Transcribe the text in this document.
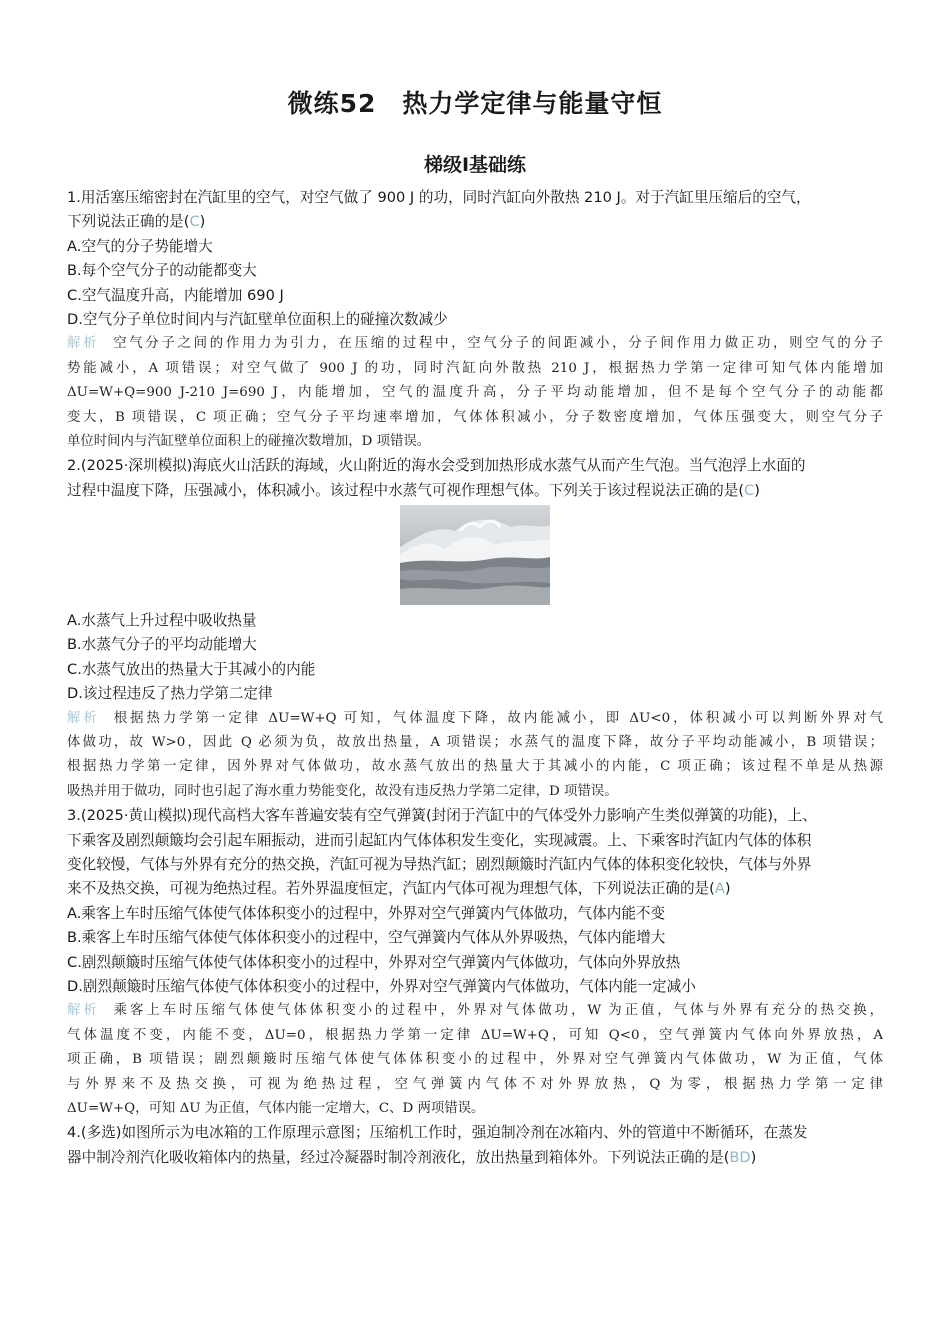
微练52　热力学定律与能量守恒
梯级Ⅰ基础练
1.用活塞压缩密封在汽缸里的空气，对空气做了 900 J 的功，同时汽缸向外散热 210 J。对于汽缸里压缩后的空气，
下列说法正确的是(C)
A.空气的分子势能增大
B.每个空气分子的动能都变大
C.空气温度升高，内能增加 690 J
D.空气分子单位时间内与汽缸壁单位面积上的碰撞次数减少
解析 空气分子之间的作用力为引力，在压缩的过程中，空气分子的间距减小，分子间作用力做正功，则空气的分子
势能减小，A 项错误；对空气做了 900 J 的功，同时汽缸向外散热 210 J，根据热力学第一定律可知气体内能增加
ΔU=W+Q=900 J-210 J=690 J，内能增加，空气的温度升高，分子平均动能增加，但不是每个空气分子的动能都
变大，B 项错误，C 项正确；空气分子平均速率增加，气体体积减小，分子数密度增加，气体压强变大，则空气分子
单位时间内与汽缸壁单位面积上的碰撞次数增加，D 项错误。
2.(2025·深圳模拟)海底火山活跃的海域，火山附近的海水会受到加热形成水蒸气从而产生气泡。当气泡浮上水面的
过程中温度下降，压强减小，体积减小。该过程中水蒸气可视作理想气体。下列关于该过程说法正确的是(C)
A.水蒸气上升过程中吸收热量
B.水蒸气分子的平均动能增大
C.水蒸气放出的热量大于其减小的内能
D.该过程违反了热力学第二定律
解析 根据热力学第一定律 ΔU=W+Q 可知，气体温度下降，故内能减小，即 ΔU<0，体积减小可以判断外界对气
体做功，故 W>0，因此 Q 必须为负，故放出热量，A 项错误；水蒸气的温度下降，故分子平均动能减小，B 项错误；
根据热力学第一定律，因外界对气体做功，故水蒸气放出的热量大于其减小的内能，C 项正确；该过程不单是从热源
吸热并用于做功，同时也引起了海水重力势能变化，故没有违反热力学第二定律，D 项错误。
3.(2025·黄山模拟)现代高档大客车普遍安装有空气弹簧(封闭于汽缸中的气体受外力影响产生类似弹簧的功能)，上、
下乘客及剧烈颠簸均会引起车厢振动，进而引起缸内气体体积发生变化，实现减震。上、下乘客时汽缸内气体的体积
变化较慢，气体与外界有充分的热交换，汽缸可视为导热汽缸；剧烈颠簸时汽缸内气体的体积变化较快，气体与外界
来不及热交换，可视为绝热过程。若外界温度恒定，汽缸内气体可视为理想气体，下列说法正确的是(A)
A.乘客上车时压缩气体使气体体积变小的过程中，外界对空气弹簧内气体做功，气体内能不变
B.乘客上车时压缩气体使气体体积变小的过程中，空气弹簧内气体从外界吸热，气体内能增大
C.剧烈颠簸时压缩气体使气体体积变小的过程中，外界对空气弹簧内气体做功，气体向外界放热
D.剧烈颠簸时压缩气体使气体体积变小的过程中，外界对空气弹簧内气体做功，气体内能一定减小
解析 乘客上车时压缩气体使气体体积变小的过程中，外界对气体做功，W 为正值，气体与外界有充分的热交换，
气体温度不变，内能不变，ΔU=0，根据热力学第一定律 ΔU=W+Q，可知 Q<0，空气弹簧内气体向外界放热，A
项正确，B 项错误；剧烈颠簸时压缩气体使气体体积变小的过程中，外界对空气弹簧内气体做功，W 为正值，气体
与外界来不及热交换，可视为绝热过程，空气弹簧内气体不对外界放热，Q 为零，根据热力学第一定律
ΔU=W+Q，可知 ΔU 为正值，气体内能一定增大，C、D 两项错误。
4.(多选)如图所示为电冰箱的工作原理示意图；压缩机工作时，强迫制冷剂在冰箱内、外的管道中不断循环，在蒸发
器中制冷剂汽化吸收箱体内的热量，经过冷凝器时制冷剂液化，放出热量到箱体外。下列说法正确的是(BD)
